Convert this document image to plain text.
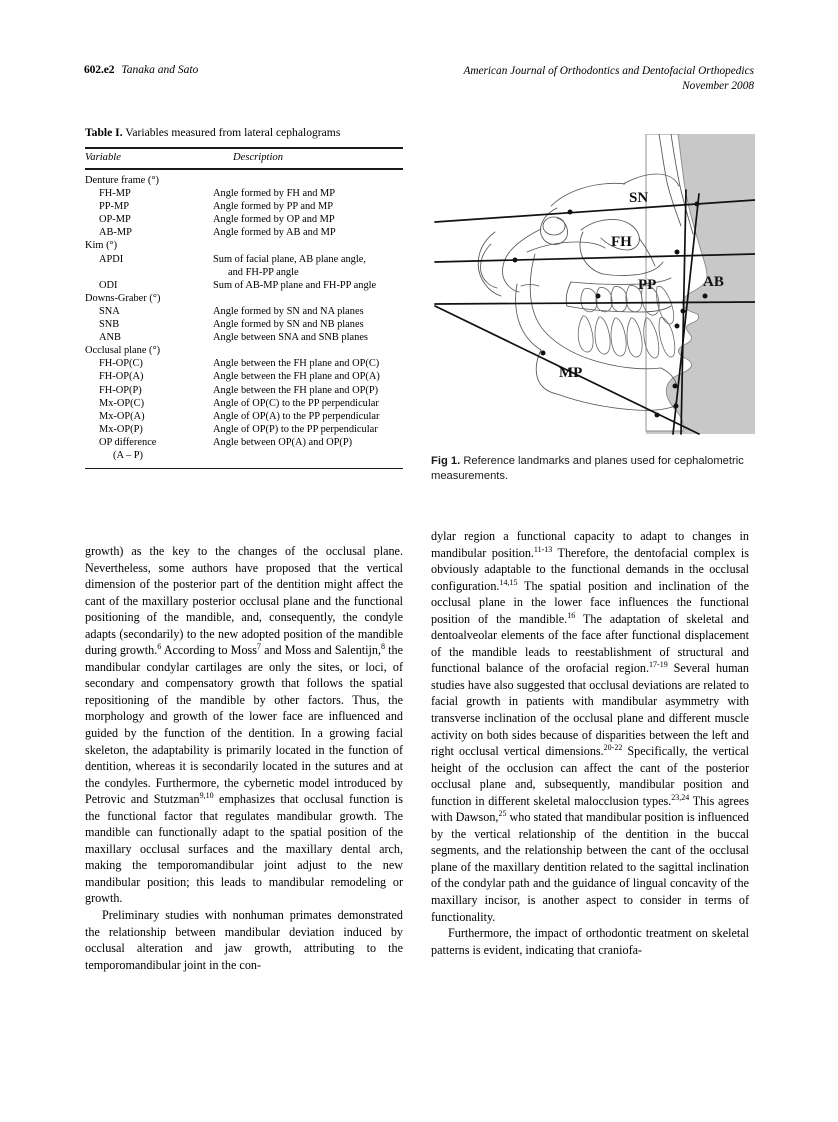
602.e2 Tanaka and Sato	American Journal of Orthodontics and Dentofacial Orthopedics
November 2008
Table I. Variables measured from lateral cephalograms
Variable	Description
Denture frame (°)
FH-MP	Angle formed by FH and MP
PP-MP	Angle formed by PP and MP
OP-MP	Angle formed by OP and MP
AB-MP	Angle formed by AB and MP
Kim (°)
APDI	Sum of facial plane, AB plane angle,
and FH-PP angle
ODI	Sum of AB-MP plane and FH-PP angle
Downs-Graber (°)
SNA	Angle formed by SN and NA planes
SNB	Angle formed by SN and NB planes
ANB	Angle between SNA and SNB planes
Occlusal plane (°)
FH-OP(C)	Angle between the FH plane and OP(C)
FH-OP(A)	Angle between the FH plane and OP(A)
FH-OP(P)	Angle between the FH plane and OP(P)
Mx-OP(C)	Angle of OP(C) to the PP perpendicular
Mx-OP(A)	Angle of OP(A) to the PP perpendicular
Mx-OP(P)	Angle of OP(P) to the PP perpendicular
OP difference	Angle between OP(A) and OP(P)
(A – P)
SN
FH
PP	AB
MP
Fig 1. Reference landmarks and planes used for cephalometric measurements.

growth) as the key to the changes of the occlusal plane. Nevertheless, some authors have proposed that the vertical dimension of the posterior part of the dentition might affect the cant of the maxillary posterior occlusal plane and the functional positioning of the mandible, and, consequently, the condyle adapts (secondarily) to the new adopted position of the mandible during growth.$^6$ According to Moss$^7$ and Moss and Salentijn,$^8$ the mandibular condylar cartilages are only the sites, or loci, of secondary and compensatory growth that follows the spatial repositioning of the mandible by other factors. Thus, the morphology and growth of the lower face are influenced and guided by the function of the dentition. In a growing facial skeleton, the adaptability is primarily located in the function of dentition, whereas it is secondarily located in the sutures and at the condyles. Furthermore, the cybernetic model introduced by Petrovic and Stutzman$^{9,10}$ emphasizes that occlusal function is the functional factor that regulates mandibular growth. The mandible can functionally adapt to the spatial position of the maxillary occlusal surfaces and the maxillary dental arch, making the temporomandibular joint adjust to the new mandibular position; this leads to mandibular remodeling or growth.

Preliminary studies with nonhuman primates demonstrated the relationship between mandibular deviation induced by occlusal alteration and jaw growth, attributing to the temporomandibular joint in the con-

dylar region a functional capacity to adapt to changes in mandibular position.$^{11-13}$ Therefore, the dentofacial complex is obviously adaptable to the functional demands in the occlusal configuration.$^{14,15}$ The spatial position and inclination of the occlusal plane in the lower face influences the functional position of the mandible.$^{16}$ The adaptation of skeletal and dentoalveolar elements of the face after functional displacement of the mandible leads to reestablishment of structural and functional balance of the orofacial region.$^{17-19}$ Several human studies have also suggested that occlusal deviations are related to facial growth in patients with mandibular asymmetry with transverse inclination of the occlusal plane and different muscle activity on both sides because of disparities between the left and right occlusal vertical dimensions.$^{20-22}$ Specifically, the vertical height of the occlusion can affect the cant of the posterior occlusal plane and, subsequently, mandibular position and function in different skeletal malocclusion types.$^{23,24}$ This agrees with Dawson,$^{25}$ who stated that mandibular position is influenced by the vertical relationship of the dentition in the buccal segments, and the relationship between the cant of the occlusal plane of the maxillary dentition related to the sagittal inclination of the condylar path and the guidance of lingual concavity of the maxillary incisor, is another aspect to consider in terms of functionality.

Furthermore, the impact of orthodontic treatment on skeletal patterns is evident, indicating that craniofa-
